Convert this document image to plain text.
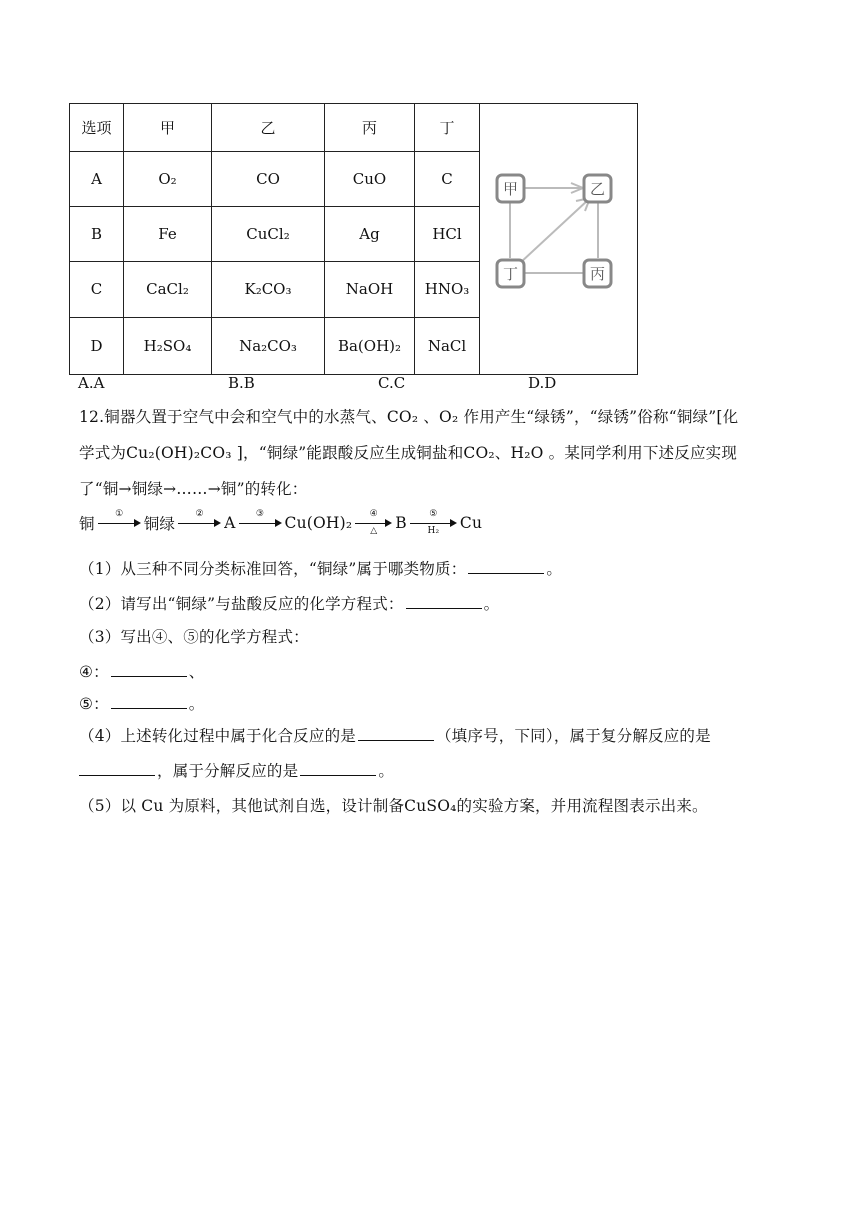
选项	甲	乙	丙	丁	甲 乙
丁 丙

A	O₂	CO	CuO	C	
B	Fe	CuCl₂	Ag	HCl	
C	CaCl₂	K₂CO₃	NaOH	HNO₃	
D	H₂SO₄	Na₂CO₃	Ba(OH)₂	NaCl	
A.A	B.B	C.C	D.D
12.铜器久置于空气中会和空气中的水蒸气、CO₂ 、O₂ 作用产生“绿锈”，“绿锈”俗称“铜绿”[化
学式为Cu₂(OH)₂CO₃ ]，“铜绿”能跟酸反应生成铜盐和CO₂、H₂O 。某同学利用下述反应实现
了“铜→铜绿→……→铜”的转化：
铜
①
铜绿
② A ③ Cu(OH)₂ ④
△ B ⑤
H₂ Cu
（1）从三种不同分类标准回答，“铜绿”属于哪类物质：	。
（2）请写出“铜绿”与盐酸反应的化学方程式：	。
（3）写出④、⑤的化学方程式：
④：	、
⑤：	。
（4）上述转化过程中属于化合反应的是	（填序号，下同），属于复分解反应的是
，属于分解反应的是	。
（5）以 Cu 为原料，其他试剂自选，设计制备CuSO₄的实验方案，并用流程图表示出来。
